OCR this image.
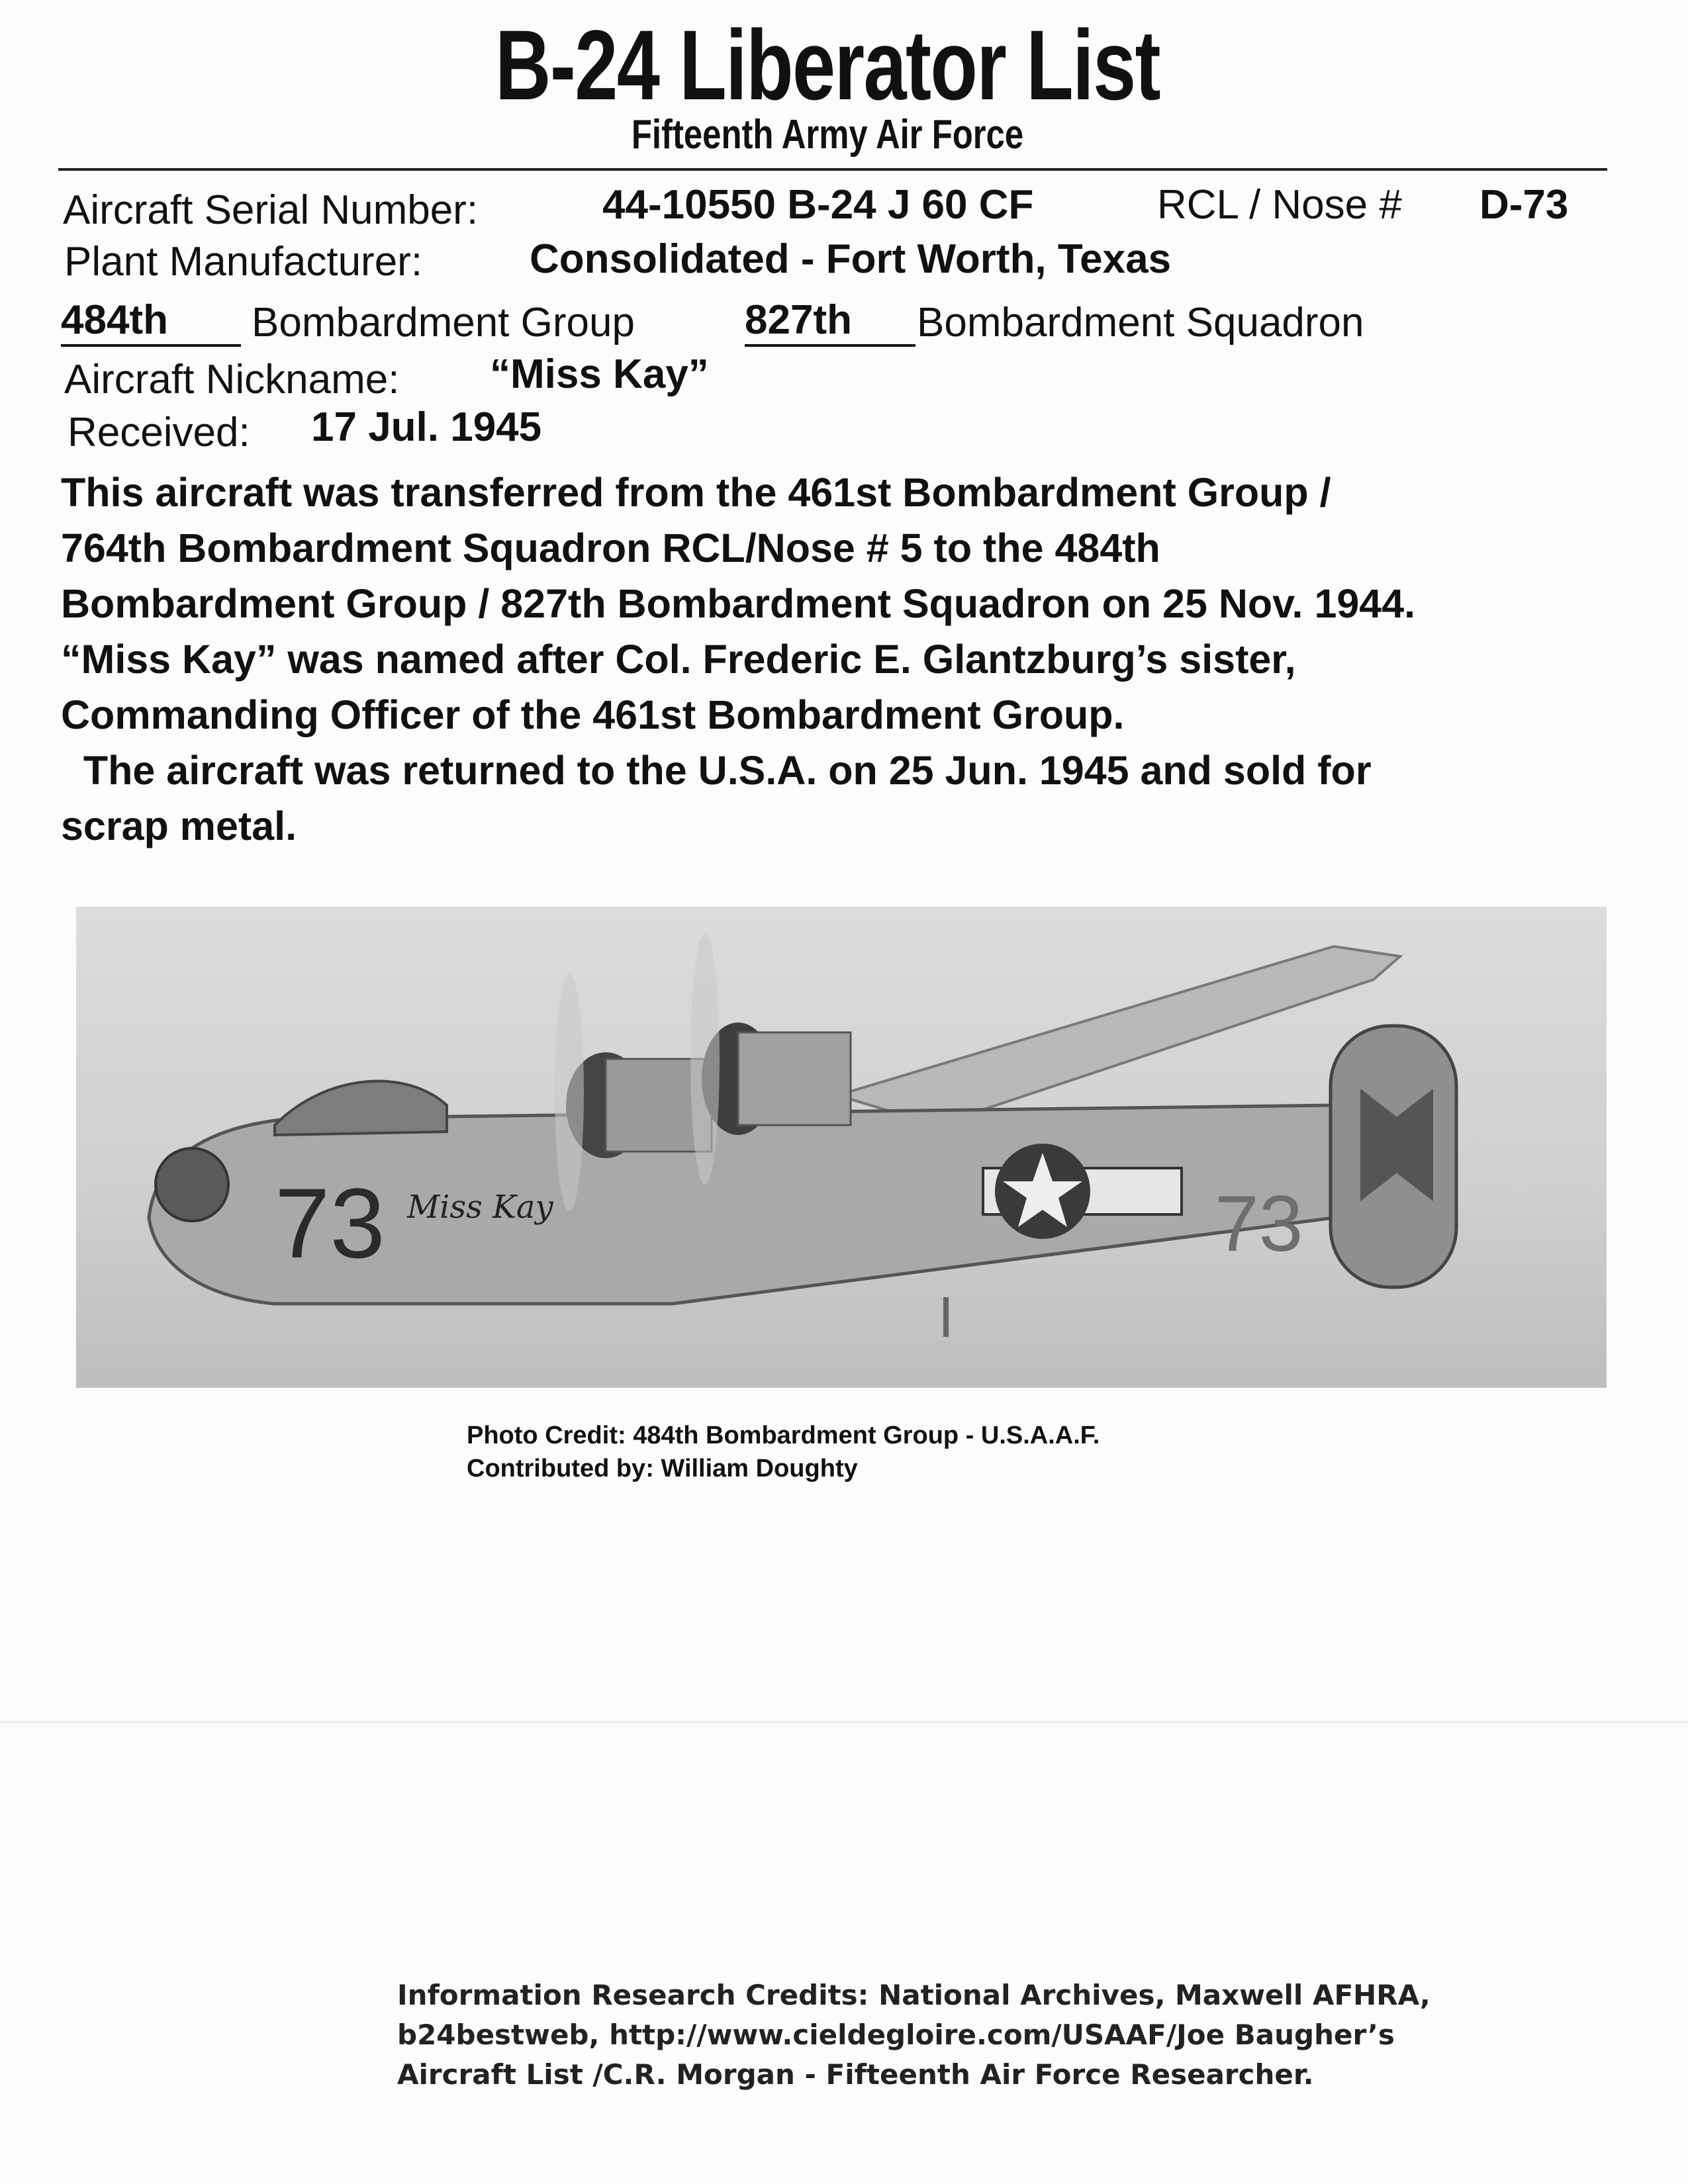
B-24 Liberator List
Fifteenth Army Air Force
Aircraft Serial Number:	44-10550 B-24 J 60 CF	RCL / Nose # D-73
Plant Manufacturer:	Consolidated - Fort Worth, Texas
484th	Bombardment Group	827th	Bombardment Squadron
Aircraft Nickname: “Miss Kay”
Received: 17 Jul. 1945

This aircraft was transferred from the 461st Bombardment Group /

764th Bombardment Squadron RCL/Nose # 5 to the 484th

Bombardment Group / 827th Bombardment Squadron on 25 Nov. 1944.

“Miss Kay” was named after Col. Frederic E. Glantzburg’s sister,

Commanding Officer of the 461st Bombardment Group.

The aircraft was returned to the U.S.A. on 25 Jun. 1945 and sold for

scrap metal.

73 Miss Kay	73
Photo Credit: 484th Bombardment Group - U.S.A.A.F.
Contributed by: William Doughty

Information Research Credits: National Archives, Maxwell AFHRA,

b24bestweb, http://www.cieldegloire.com/USAAF/Joe Baugher’s

Aircraft List /C.R. Morgan - Fifteenth Air Force Researcher.
